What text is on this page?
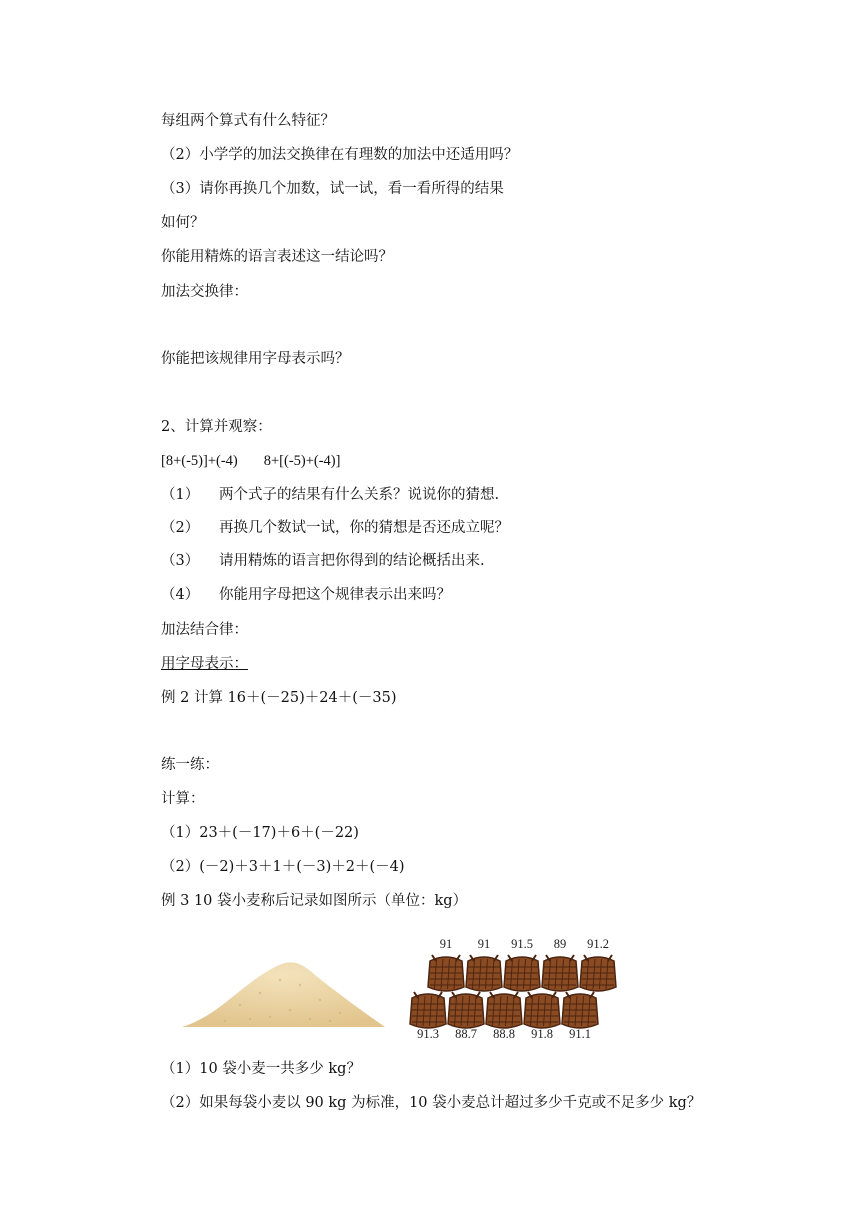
每组两个算式有什么特征？
（2）小学学的加法交换律在有理数的加法中还适用吗？
（3）请你再换几个加数，试一试，看一看所得的结果
如何？
你能用精炼的语言表述这一结论吗？
加法交换律：
你能把该规律用字母表示吗？
2、计算并观察：
[8+(-5)]+(-4) 8+[(-5)+(-4)]
（1） 两个式子的结果有什么关系？说说你的猜想.
（2） 再换几个数试一试，你的猜想是否还成立呢？
（3） 请用精炼的语言把你得到的结论概括出来.
（4） 你能用字母把这个规律表示出来吗？
加法结合律：
用字母表示：
例 2 计算 16＋(－25)＋24＋(－35)
练一练：
计算：
（1）23＋(－17)＋6＋(－22)
（2）(－2)＋3＋1＋(－3)＋2＋(－4)
例 3 10 袋小麦称后记录如图所示（单位：kg）
91 91 91.5 89 91.2
91.3 88.7 88.8 91.8 91.1
（1）10 袋小麦一共多少 kg？
（2）如果每袋小麦以 90 kg 为标准，10 袋小麦总计超过多少千克或不足多少 kg？
